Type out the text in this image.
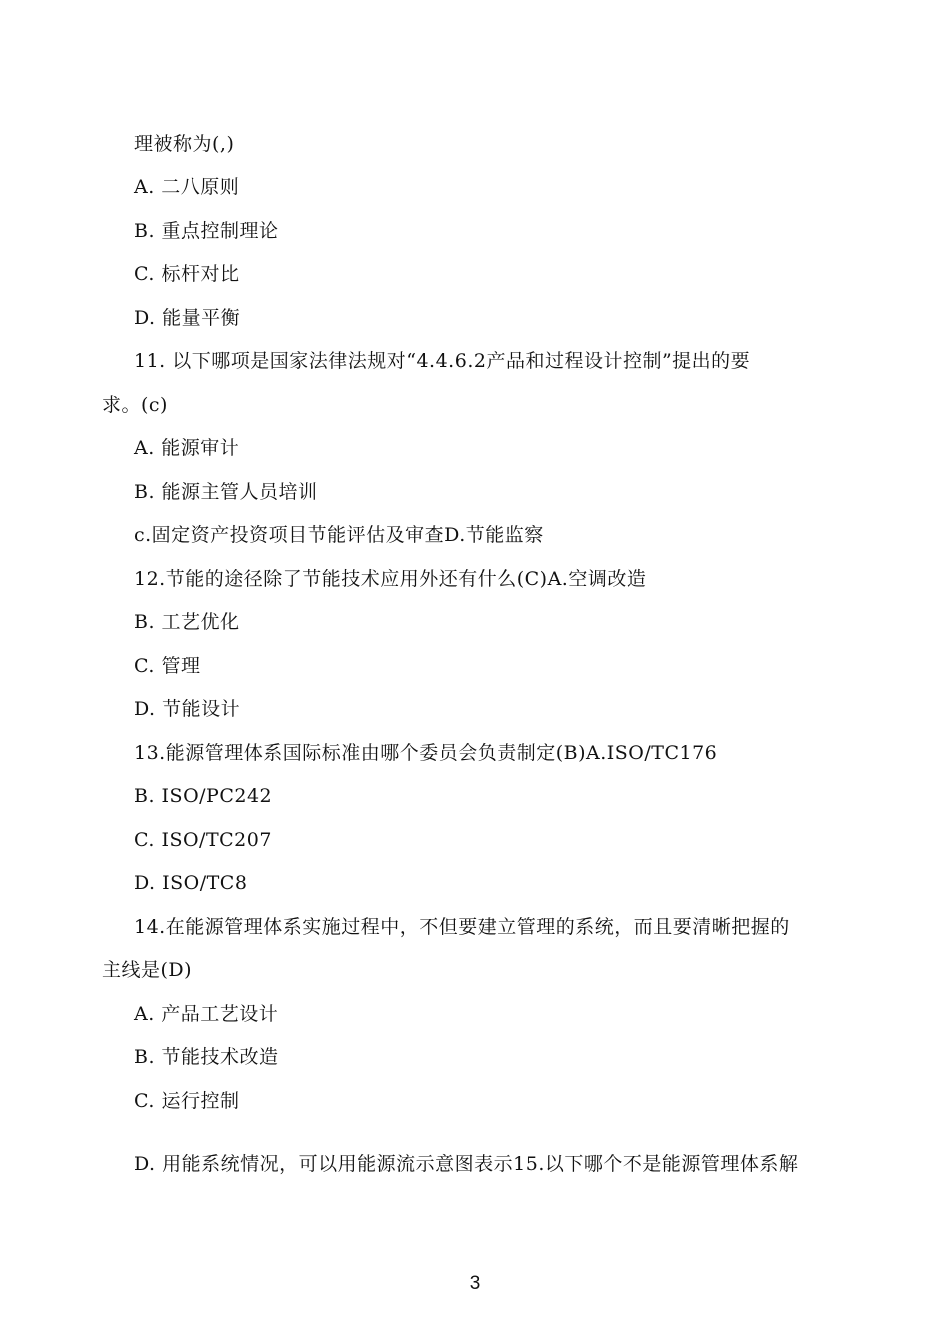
理被称为(,)
A. 二八原则
B. 重点控制理论
C. 标杆对比
D. 能量平衡
11. 以下哪项是国家法律法规对“4.4.6.2产品和过程设计控制”提出的要
求。(c)
A. 能源审计
B. 能源主管人员培训
c.固定资产投资项目节能评估及审查D.节能监察
12.节能的途径除了节能技术应用外还有什么(C)A.空调改造
B. 工艺优化
C. 管理
D. 节能设计
13.能源管理体系国际标准由哪个委员会负责制定(B)A.ISO/TC176
B. ISO/PC242
C. ISO/TC207
D. ISO/TC8
14.在能源管理体系实施过程中，不但要建立管理的系统，而且要清晰把握的
主线是(D)
A. 产品工艺设计
B. 节能技术改造
C. 运行控制
D. 用能系统情况，可以用能源流示意图表示15.以下哪个不是能源管理体系解
3
